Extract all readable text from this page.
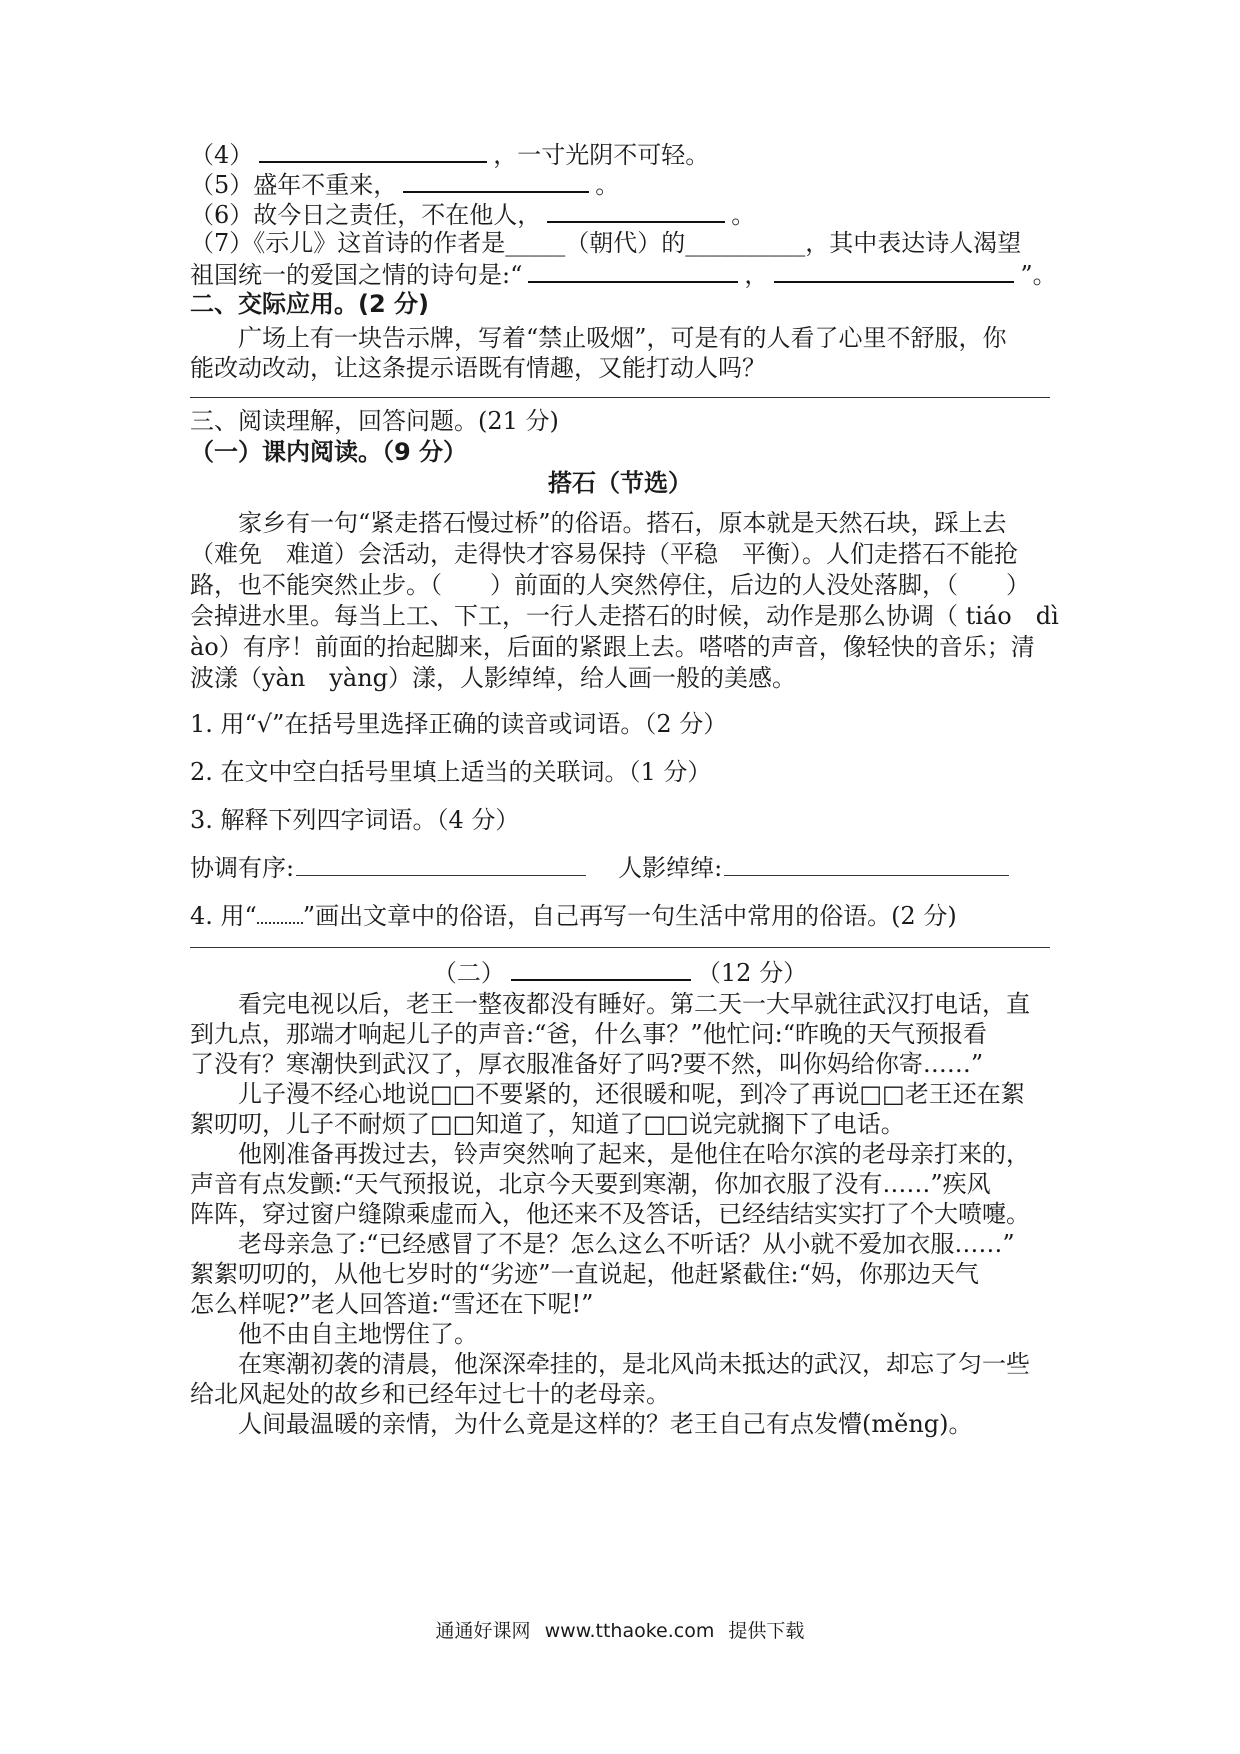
（4）	，一寸光阴不可轻。
（5）盛年不重来，	。
（6）故今日之责任，不在他人，	。
（7）《示儿》这首诗的作者是_____（朝代）的__________，其中表达诗人渴望
祖国统一的爱国之情的诗句是:“	，	”。
二、交际应用。(2 分)
广场上有一块告示牌，写着“禁止吸烟”，可是有的人看了心里不舒服，你
能改动改动，让这条提示语既有情趣，又能打动人吗？
三、阅读理解，回答问题。(21 分)
（一）课内阅读。（9 分）
搭石（节选）
家乡有一句“紧走搭石慢过桥”的俗语。搭石，原本就是天然石块，踩上去
（难免　难道）会活动，走得快才容易保持（平稳　平衡）。人们走搭石不能抢
路，也不能突然止步。（　　）前面的人突然停住，后边的人没处落脚，（　　）
会掉进水里。每当上工、下工，一行人走搭石的时候，动作是那么协调（ tiáo　dì
ào）有序！前面的抬起脚来，后面的紧跟上去。嗒嗒的声音，像轻快的音乐；清
波漾（yàn　yàng）漾，人影绰绰，给人画一般的美感。
1. 用“√”在括号里选择正确的读音或词语。（2 分）
2. 在文中空白括号里填上适当的关联词。（1 分）
3. 解释下列四字词语。（4 分）
协调有序:	人影绰绰:
4. 用“ ”画出文章中的俗语，自己再写一句生活中常用的俗语。(2 分)
（二）	（12 分）
看完电视以后，老王一整夜都没有睡好。第二天一大早就往武汉打电话，直
到九点，那端才响起儿子的声音:“爸，什么事？”他忙问:“昨晚的天气预报看
了没有？寒潮快到武汉了，厚衣服准备好了吗?要不然，叫你妈给你寄……”
儿子漫不经心地说□□不要紧的，还很暖和呢，到冷了再说□□老王还在絮
絮叨叨，儿子不耐烦了□□知道了，知道了□□说完就搁下了电话。
他刚准备再拨过去，铃声突然响了起来，是他住在哈尔滨的老母亲打来的，
声音有点发颤:“天气预报说，北京今天要到寒潮，你加衣服了没有……”疾风
阵阵，穿过窗户缝隙乘虚而入，他还来不及答话，已经结结实实打了个大喷嚏。
老母亲急了:“已经感冒了不是？怎么这么不听话？从小就不爱加衣服……”
絮絮叨叨的，从他七岁时的“劣迹”一直说起，他赶紧截住:“妈，你那边天气
怎么样呢?”老人回答道:“雪还在下呢!”
他不由自主地愣住了。
在寒潮初袭的清晨，他深深牵挂的，是北风尚未抵达的武汉，却忘了匀一些
给北风起处的故乡和已经年过七十的老母亲。
人间最温暖的亲情，为什么竟是这样的？老王自己有点发懵(měng)。
通通好课网 www.tthaoke.com 提供下载
